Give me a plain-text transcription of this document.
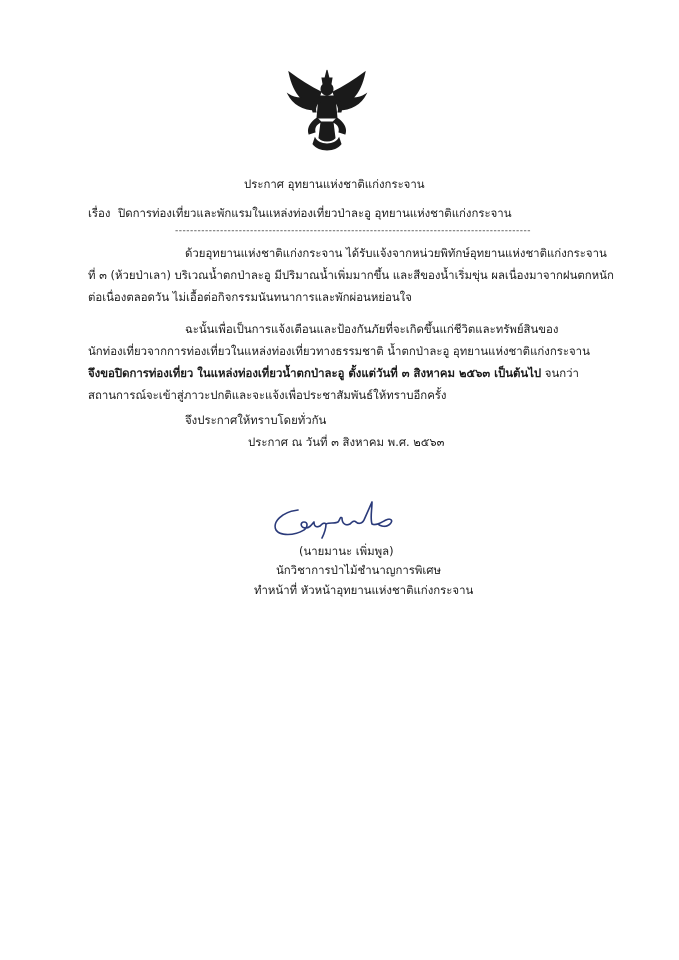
ประกาศ อุทยานแห่งชาติแก่งกระจาน
เรื่อง ปิดการท่องเที่ยวและพักแรมในแหล่งท่องเที่ยวป่าละอู อุทยานแห่งชาติแก่งกระจาน
-----------------------------------------------------------------------------------------------
ด้วยอุทยานแห่งชาติแก่งกระจาน ได้รับแจ้งจากหน่วยพิทักษ์อุทยานแห่งชาติแก่งกระจาน
ที่ ๓ (ห้วยป่าเลา) บริเวณน้ำตกป่าละอู มีปริมาณน้ำเพิ่มมากขึ้น และสีของน้ำเริ่มขุ่น ผลเนื่องมาจากฝนตกหนัก
ต่อเนื่องตลอดวัน ไม่เอื้อต่อกิจกรรมนันทนาการและพักผ่อนหย่อนใจ
ฉะนั้นเพื่อเป็นการแจ้งเตือนและป้องกันภัยที่จะเกิดขึ้นแก่ชีวิตและทรัพย์สินของ
นักท่องเที่ยวจากการท่องเที่ยวในแหล่งท่องเที่ยวทางธรรมชาติ น้ำตกป่าละอู อุทยานแห่งชาติแก่งกระจาน
จึงขอปิดการท่องเที่ยว ในแหล่งท่องเที่ยวน้ำตกป่าละอู ตั้งแต่วันที่ ๓ สิงหาคม ๒๕๖๓ เป็นต้นไป จนกว่า
สถานการณ์จะเข้าสู่ภาวะปกติและจะแจ้งเพื่อประชาสัมพันธ์ให้ทราบอีกครั้ง
จึงประกาศให้ทราบโดยทั่วกัน
ประกาศ ณ วันที่ ๓ สิงหาคม พ.ศ. ๒๕๖๓
(นายมานะ เพิ่มพูล)
นักวิชาการป่าไม้ชำนาญการพิเศษ
ทำหน้าที่ หัวหน้าอุทยานแห่งชาติแก่งกระจาน
